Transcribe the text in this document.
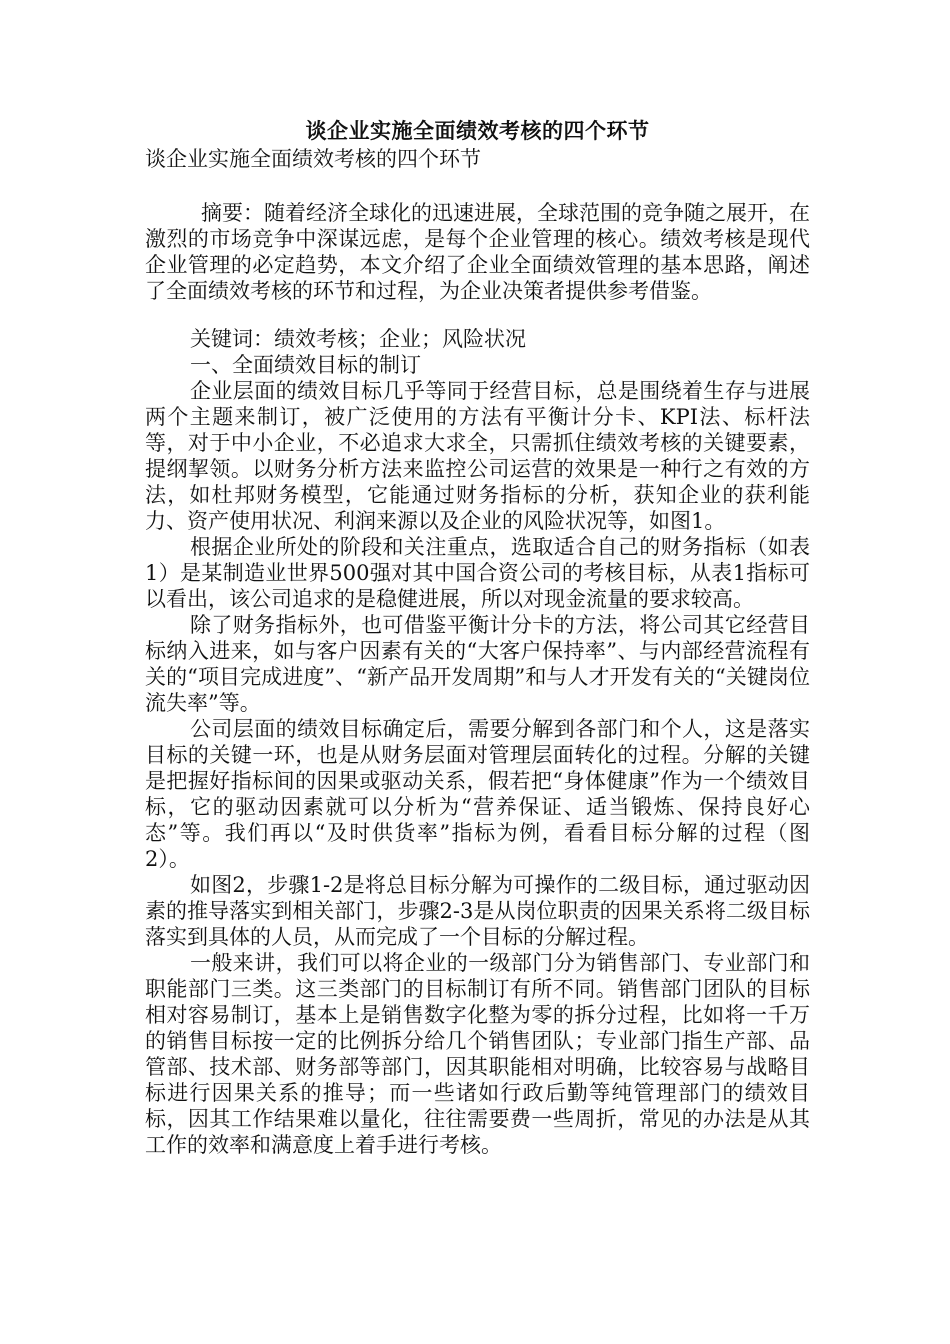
谈企业实施全面绩效考核的四个环节

谈企业实施全面绩效考核的四个环节

摘要：随着经济全球化的迅速进展，全球范围的竞争随之展开，在激烈的市场竞争中深谋远虑，是每个企业管理的核心。绩效考核是现代企业管理的必定趋势，本文介绍了企业全面绩效管理的基本思路，阐述了全面绩效考核的环节和过程，为企业决策者提供参考借鉴。

关键词：绩效考核；企业；风险状况

一、全面绩效目标的制订

企业层面的绩效目标几乎等同于经营目标，总是围绕着生存与进展两个主题来制订，被广泛使用的方法有平衡计分卡、KPI法、标杆法等，对于中小企业，不必追求大求全，只需抓住绩效考核的关键要素，提纲挈领。以财务分析方法来监控公司运营的效果是一种行之有效的方法，如杜邦财务模型，它能通过财务指标的分析，获知企业的获利能力、资产使用状况、利润来源以及企业的风险状况等，如图1。

根据企业所处的阶段和关注重点，选取适合自己的财务指标（如表1）是某制造业世界500强对其中国合资公司的考核目标，从表1指标可以看出，该公司追求的是稳健进展，所以对现金流量的要求较高。

除了财务指标外，也可借鉴平衡计分卡的方法，将公司其它经营目标纳入进来，如与客户因素有关的“大客户保持率”、与内部经营流程有关的“项目完成进度”、“新产品开发周期”和与人才开发有关的“关键岗位流失率”等。

公司层面的绩效目标确定后，需要分解到各部门和个人，这是落实目标的关键一环，也是从财务层面对管理层面转化的过程。分解的关键是把握好指标间的因果或驱动关系，假若把“身体健康”作为一个绩效目标，它的驱动因素就可以分析为“营养保证、适当锻炼、保持良好心态”等。我们再以“及时供货率”指标为例，看看目标分解的过程（图2）。

如图2，步骤1-2是将总目标分解为可操作的二级目标，通过驱动因素的推导落实到相关部门，步骤2-3是从岗位职责的因果关系将二级目标落实到具体的人员，从而完成了一个目标的分解过程。

一般来讲，我们可以将企业的一级部门分为销售部门、专业部门和职能部门三类。这三类部门的目标制订有所不同。销售部门团队的目标相对容易制订，基本上是销售数字化整为零的拆分过程，比如将一千万的销售目标按一定的比例拆分给几个销售团队；专业部门指生产部、品管部、技术部、财务部等部门，因其职能相对明确，比较容易与战略目标进行因果关系的推导；而一些诸如行政后勤等纯管理部门的绩效目标，因其工作结果难以量化，往往需要费一些周折，常见的办法是从其工作的效率和满意度上着手进行考核。
